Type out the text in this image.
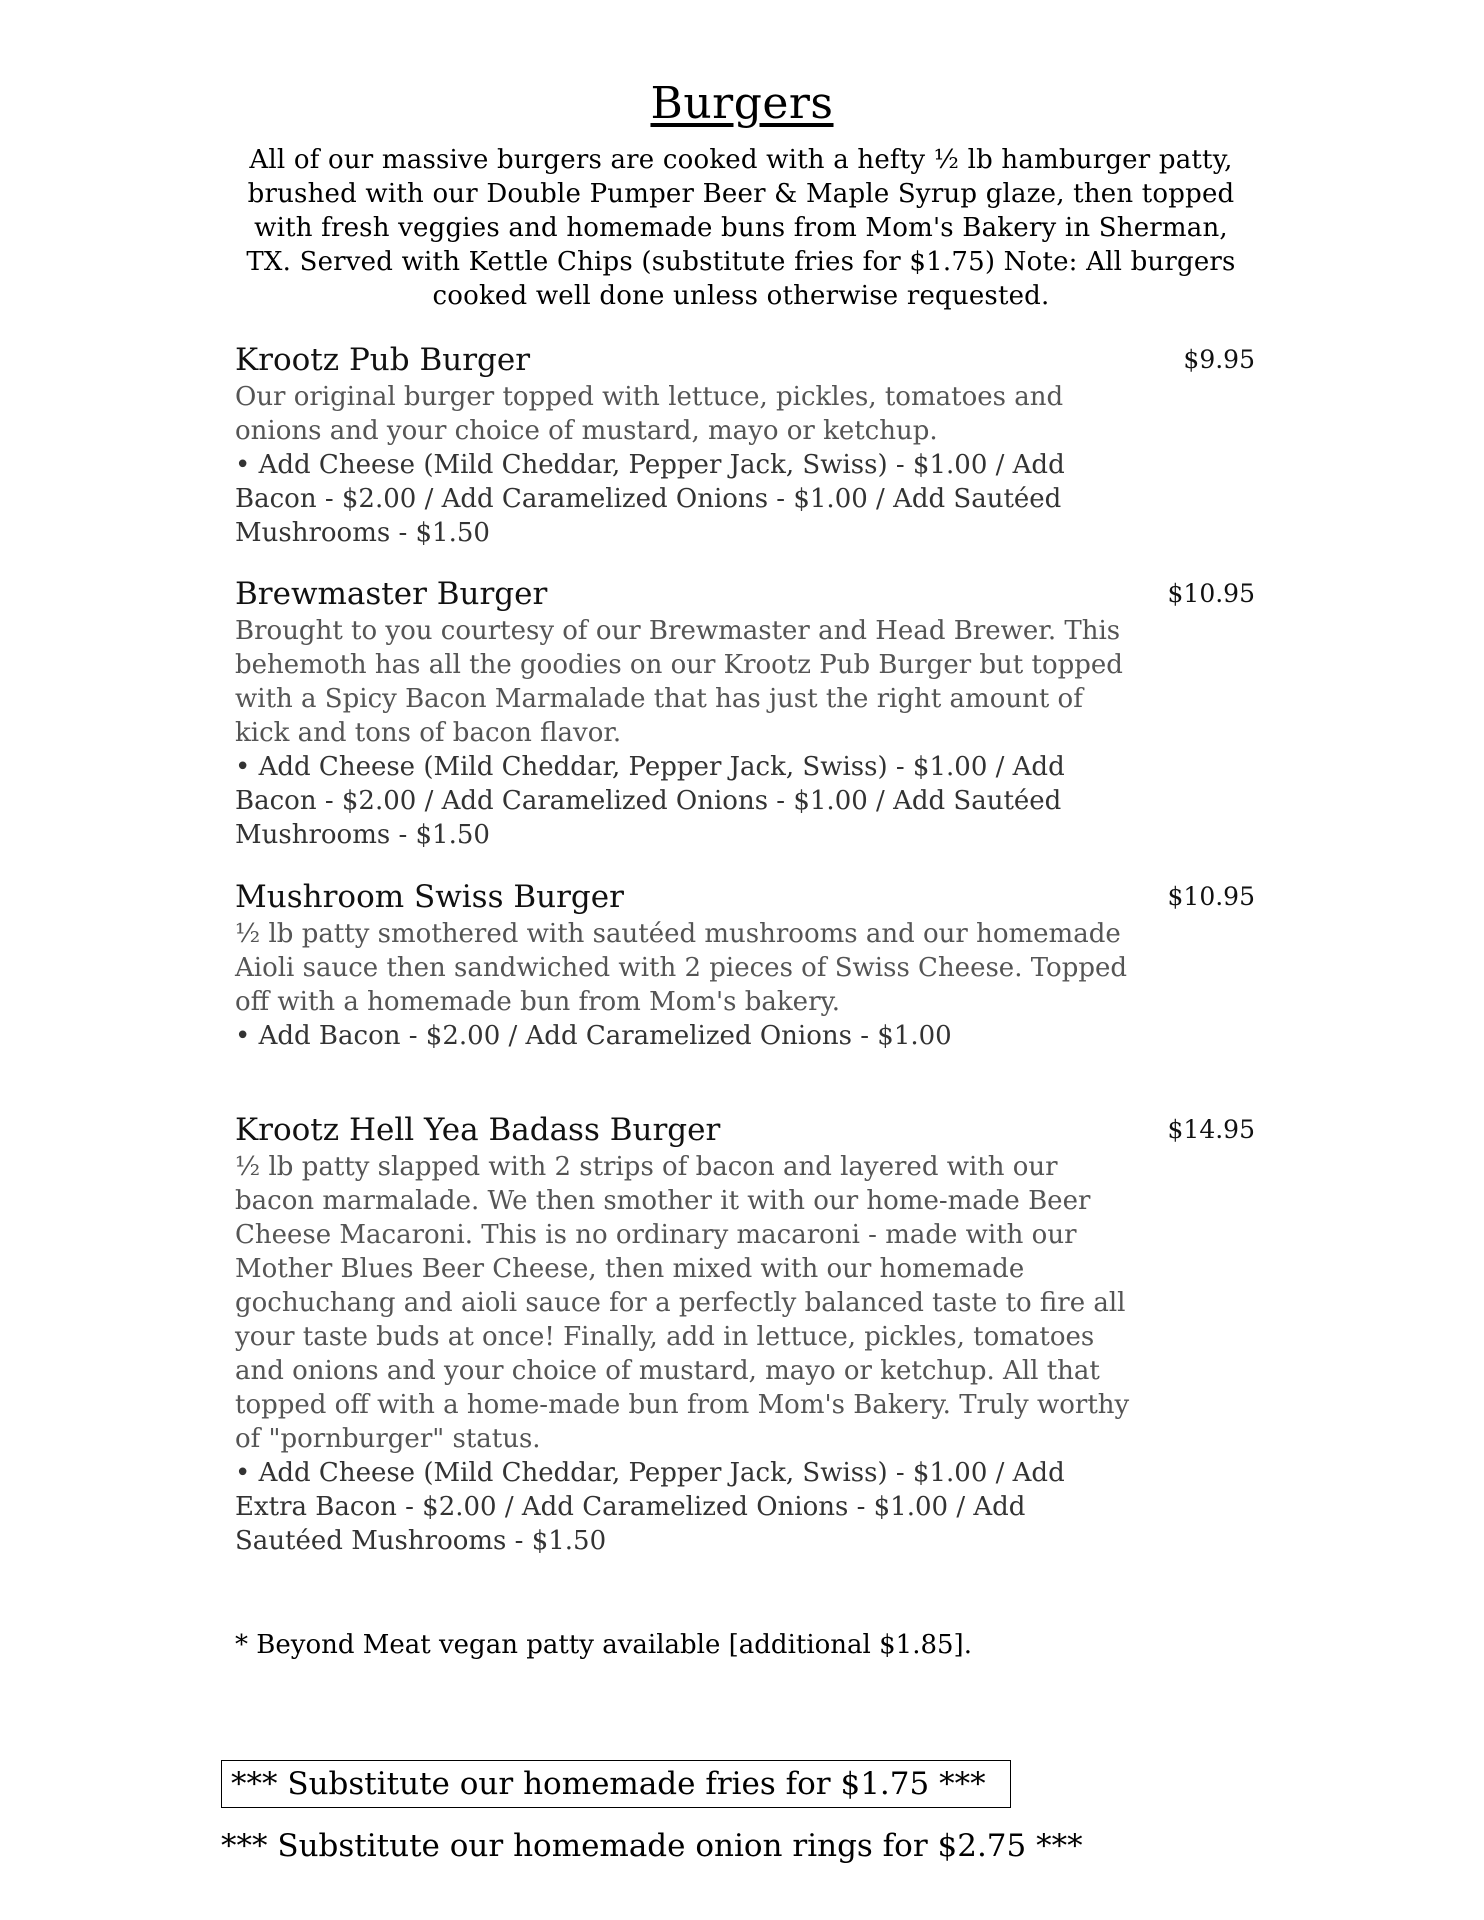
Burgers
All of our massive burgers are cooked with a hefty ½ lb hamburger patty, brushed with our Double Pumper Beer & Maple Syrup glaze, then topped with fresh veggies and homemade buns from Mom's Bakery in Sherman, TX. Served with Kettle Chips (substitute fries for $1.75) Note: All burgers cooked well done unless otherwise requested.
Krootz Pub Burger	$9.95
Our original burger topped with lettuce, pickles, tomatoes and onions and your choice of mustard, mayo or ketchup.
• Add Cheese (Mild Cheddar, Pepper Jack, Swiss) - $1.00 / Add Bacon - $2.00 / Add Caramelized Onions - $1.00 / Add Sautéed Mushrooms - $1.50
Brewmaster Burger	$10.95
Brought to you courtesy of our Brewmaster and Head Brewer. This behemoth has all the goodies on our Krootz Pub Burger but topped with a Spicy Bacon Marmalade that has just the right amount of kick and tons of bacon flavor.
• Add Cheese (Mild Cheddar, Pepper Jack, Swiss) - $1.00 / Add Bacon - $2.00 / Add Caramelized Onions - $1.00 / Add Sautéed Mushrooms - $1.50
Mushroom Swiss Burger	$10.95
½ lb patty smothered with sautéed mushrooms and our homemade Aioli sauce then sandwiched with 2 pieces of Swiss Cheese. Topped off with a homemade bun from Mom's bakery.
• Add Bacon - $2.00 / Add Caramelized Onions - $1.00
Krootz Hell Yea Badass Burger	$14.95
½ lb patty slapped with 2 strips of bacon and layered with our bacon marmalade. We then smother it with our home-made Beer Cheese Macaroni. This is no ordinary macaroni - made with our Mother Blues Beer Cheese, then mixed with our homemade gochuchang and aioli sauce for a perfectly balanced taste to fire all your taste buds at once! Finally, add in lettuce, pickles, tomatoes and onions and your choice of mustard, mayo or ketchup. All that topped off with a home-made bun from Mom's Bakery. Truly worthy of "pornburger" status.
• Add Cheese (Mild Cheddar, Pepper Jack, Swiss) - $1.00 / Add Extra Bacon - $2.00 / Add Caramelized Onions - $1.00 / Add Sautéed Mushrooms - $1.50
* Beyond Meat vegan patty available [additional $1.85].
*** Substitute our homemade fries for $1.75 ***
*** Substitute our homemade onion rings for $2.75 ***
